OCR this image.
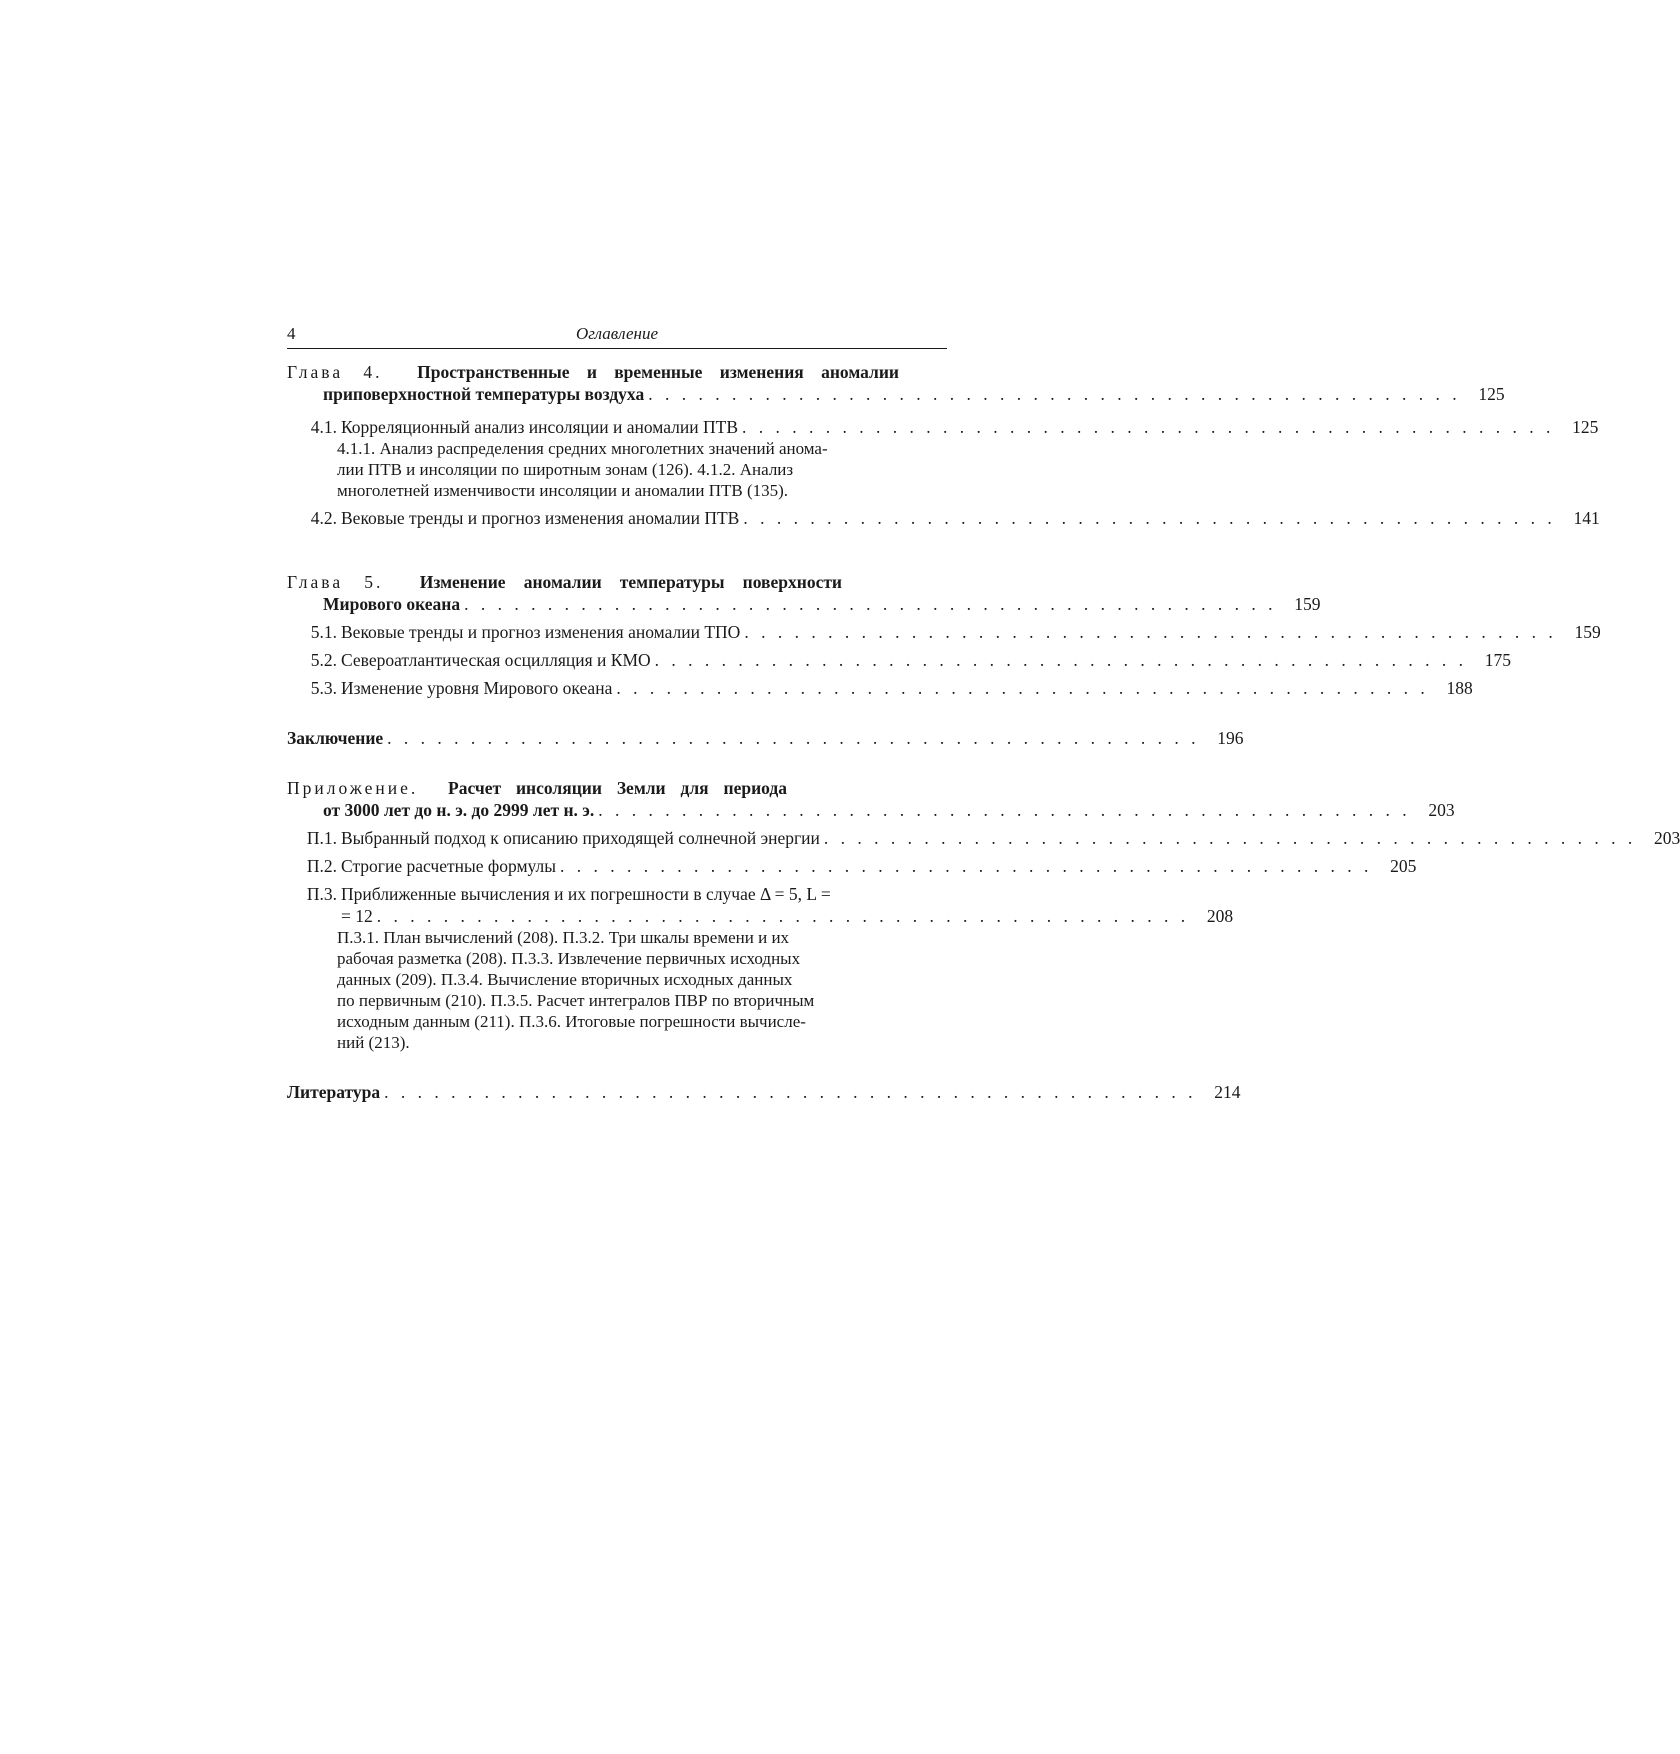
4	Оглавление
Глава 4. Пространственные и временные изменения аномалии
приповерхностной температуры воздуха . . . . . . . . . . . . . . . . . . . . . . . . . . . . . . . . . . . . . . . . . . . . . . . . .	125
4.1. Корреляционный анализ инсоляции и аномалии ПТВ . . . . . . . . . . . . . . . . . . . . . . . . . . . . . . . . . . . . . . . . . . . . . . . . .	125
4.1.1. Анализ распределения средних многолетних значений анома-
лии ПТВ и инсоляции по широтным зонам (126). 4.1.2. Анализ
многолетней изменчивости инсоляции и аномалии ПТВ (135).
4.2. Вековые тренды и прогноз изменения аномалии ПТВ . . . . . . . . . . . . . . . . . . . . . . . . . . . . . . . . . . . . . . . . . . . . . . . . .	141
Глава 5. Изменение аномалии температуры поверхности
Мирового океана . . . . . . . . . . . . . . . . . . . . . . . . . . . . . . . . . . . . . . . . . . . . . . . . .	159
5.1. Вековые тренды и прогноз изменения аномалии ТПО . . . . . . . . . . . . . . . . . . . . . . . . . . . . . . . . . . . . . . . . . . . . . . . . .	159
5.2. Североатлантическая осцилляция и КМО . . . . . . . . . . . . . . . . . . . . . . . . . . . . . . . . . . . . . . . . . . . . . . . . .	175
5.3. Изменение уровня Мирового океана . . . . . . . . . . . . . . . . . . . . . . . . . . . . . . . . . . . . . . . . . . . . . . . . .	188
Заключение . . . . . . . . . . . . . . . . . . . . . . . . . . . . . . . . . . . . . . . . . . . . . . . . .	196
Приложение. Расчет инсоляции Земли для периода
от 3000 лет до н. э. до 2999 лет н. э. . . . . . . . . . . . . . . . . . . . . . . . . . . . . . . . . . . . . . . . . . . . . . . . . .	203
П.1. Выбранный подход к описанию приходящей солнечной энергии . . . . . . . . . . . . . . . . . . . . . . . . . . . . . . . . . . . . . . . . . . . . . . . . .	203
П.2. Строгие расчетные формулы . . . . . . . . . . . . . . . . . . . . . . . . . . . . . . . . . . . . . . . . . . . . . . . . .	205
П.3. Приближенные вычисления и их погрешности в случае Δ = 5, L =
= 12 . . . . . . . . . . . . . . . . . . . . . . . . . . . . . . . . . . . . . . . . . . . . . . . . .	208
П.3.1. План вычислений (208). П.3.2. Три шкалы времени и их
рабочая разметка (208). П.3.3. Извлечение первичных исходных
данных (209). П.3.4. Вычисление вторичных исходных данных
по первичным (210). П.3.5. Расчет интегралов ПВР по вторичным
исходным данным (211). П.3.6. Итоговые погрешности вычисле-
ний (213).
Литература . . . . . . . . . . . . . . . . . . . . . . . . . . . . . . . . . . . . . . . . . . . . . . . . .	214
